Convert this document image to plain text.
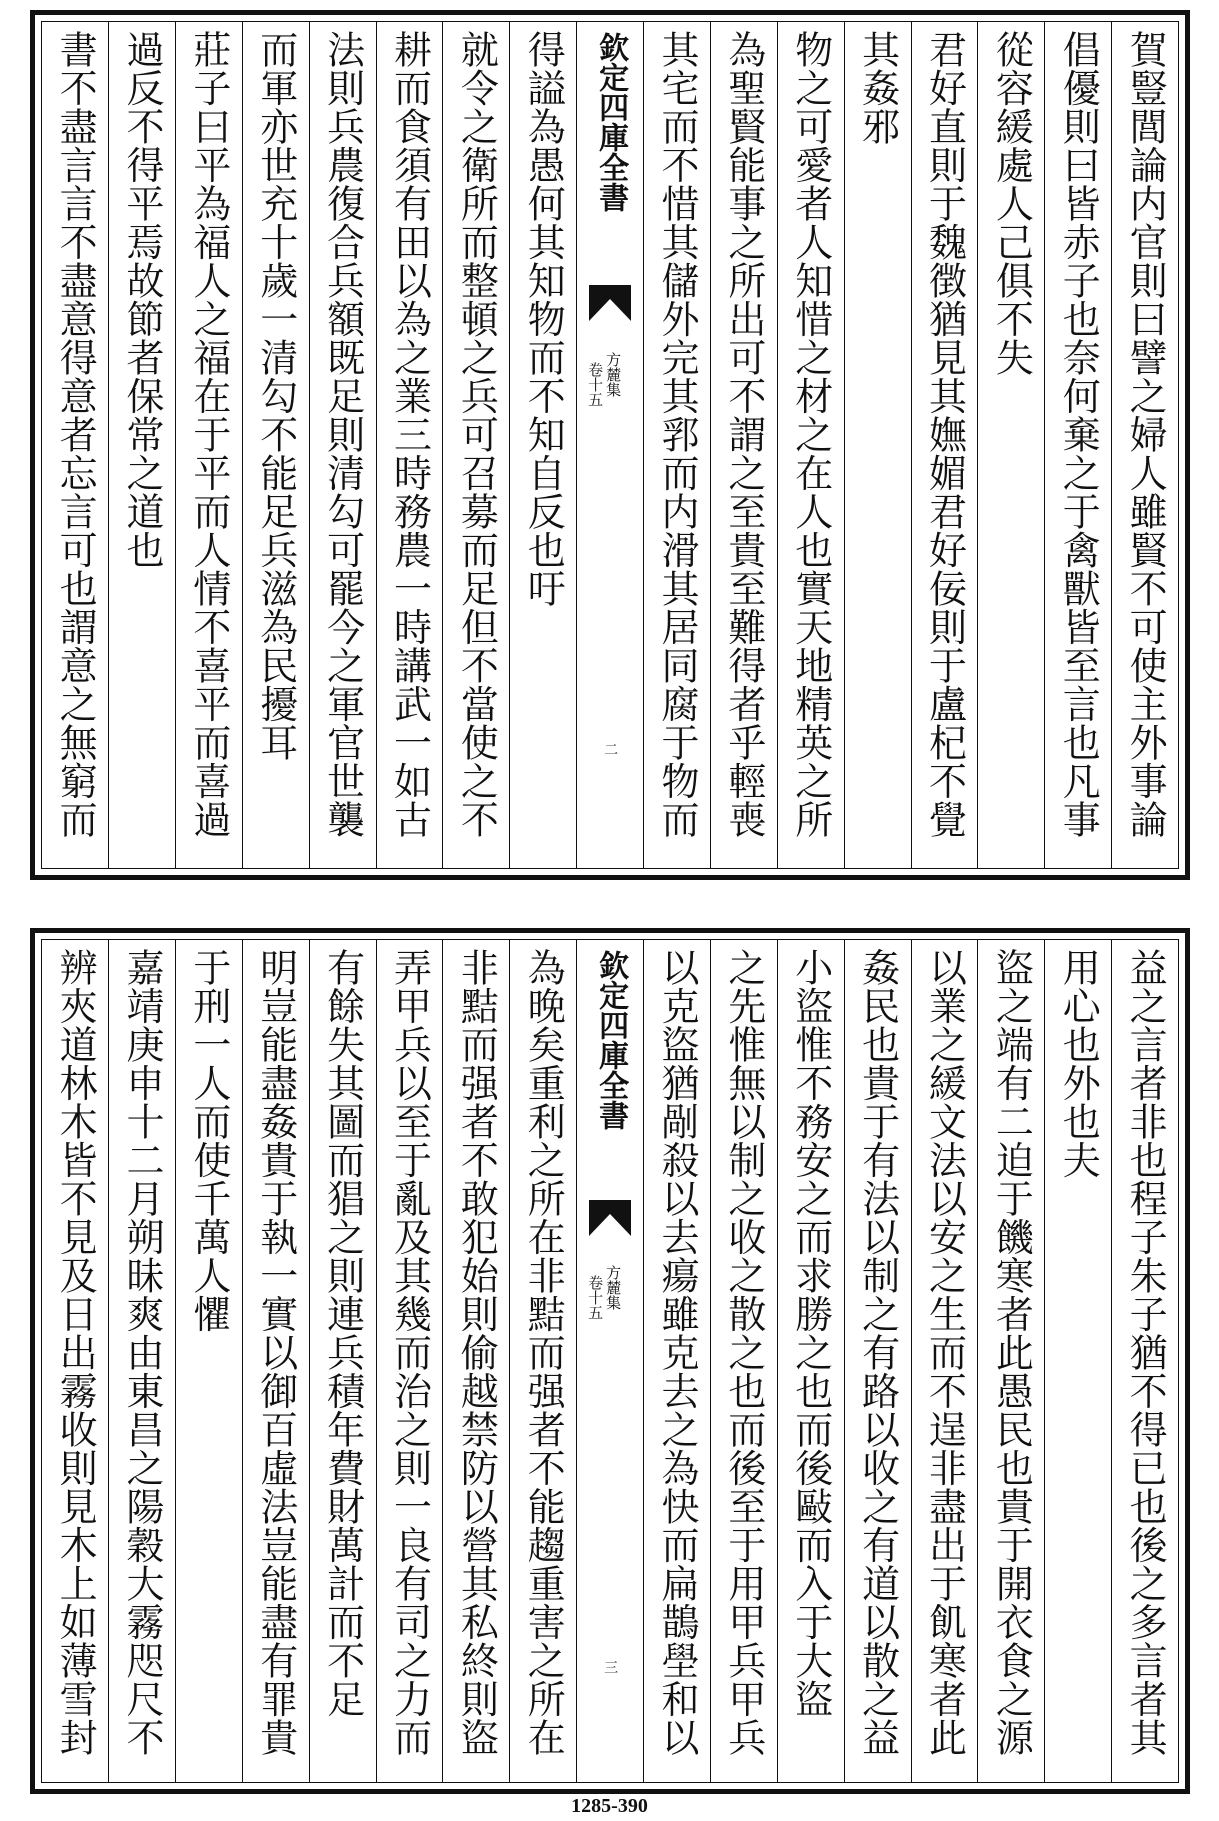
賀豎閭論内官則曰譬之婦人雖賢不可使主外事論
倡優則曰皆赤子也奈何棄之于禽獸皆至言也凡事
從容緩處人己俱不失
君好直則于魏徴猶見其嫵媚君好佞則于盧杞不覺
其姦邪
物之可愛者人知惜之材之在人也實天地精英之所
為聖賢能事之所出可不謂之至貴至難得者乎輕喪
其宅而不惜其儲外完其郛而内滑其居同腐于物而
欽定四庫全書
方麓集
卷十五
二
得謚為愚何其知物而不知自反也吁
就令之衛所而整頓之兵可召募而足但不當使之不
耕而食須有田以為之業三時務農一時講武一如古
法則兵農復合兵額既足則清勾可罷今之軍官世襲
而軍亦世充十歲一清勾不能足兵滋為民擾耳
莊子曰平為福人之福在于平而人情不喜平而喜過
過反不得平焉故節者保常之道也
書不盡言言不盡意得意者忘言可也謂意之無窮而
益之言者非也程子朱子猶不得已也後之多言者其
用心也外也夫
盜之端有二迫于饑寒者此愚民也貴于開衣食之源
以業之緩文法以安之生而不逞非盡出于飢寒者此
姦民也貴于有法以制之有路以收之有道以散之益
小盜惟不務安之而求勝之也而後敺而入于大盜
之先惟無以制之收之散之也而後至于用甲兵甲兵
以克盜猶剮殺以去瘍雖克去之為快而扁鵲壆和以
欽定四庫全書
方麓集
卷十五
三
為晚矣重利之所在非黠而强者不能趨重害之所在
非黠而强者不敢犯始則偷越禁防以營其私終則盜
弄甲兵以至于亂及其幾而治之則一良有司之力而
有餘失其圖而猖之則連兵積年費財萬計而不足
明豈能盡姦貴于執一實以御百虛法豈能盡有罪貴
于刑一人而使千萬人懼
嘉靖庚申十二月朔昧爽由東昌之陽穀大霧咫尺不
辨夾道林木皆不見及日出霧收則見木上如薄雪封
1285-390
